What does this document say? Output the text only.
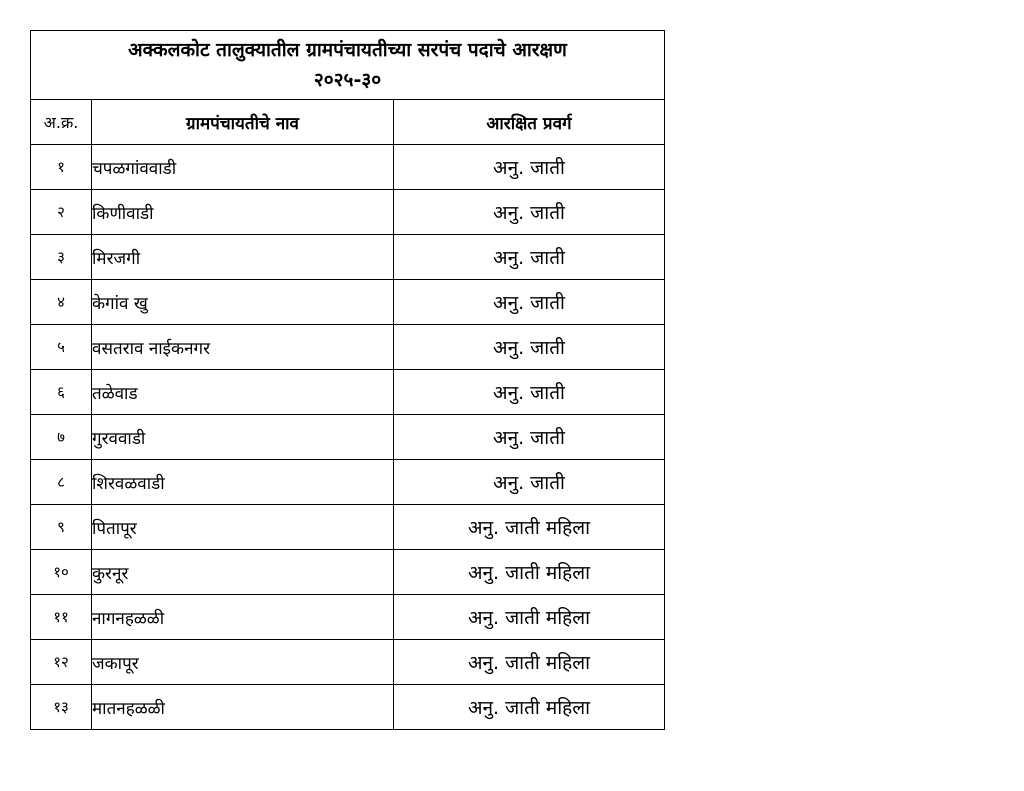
अक्कलकोट तालुक्यातील ग्रामपंचायतीच्या सरपंच पदाचे आरक्षण
२०२५-३०		

अ.क्र.	ग्रामपंचायतीचे नाव	आरक्षित प्रवर्ग
१	चपळगांववाडी	अनु. जाती
२	किणीवाडी	अनु. जाती
३	मिरजगी	अनु. जाती
४	केगांव खु	अनु. जाती
५	वसतराव नाईकनगर	अनु. जाती
६	तळेवाड	अनु. जाती
७	गुरववाडी	अनु. जाती
८	शिरवळवाडी	अनु. जाती
९	पितापूर	अनु. जाती महिला
१०	कुरनूर	अनु. जाती महिला
११	नागनहळळी	अनु. जाती महिला
१२	जकापूर	अनु. जाती महिला
१३	मातनहळळी	अनु. जाती महिला
